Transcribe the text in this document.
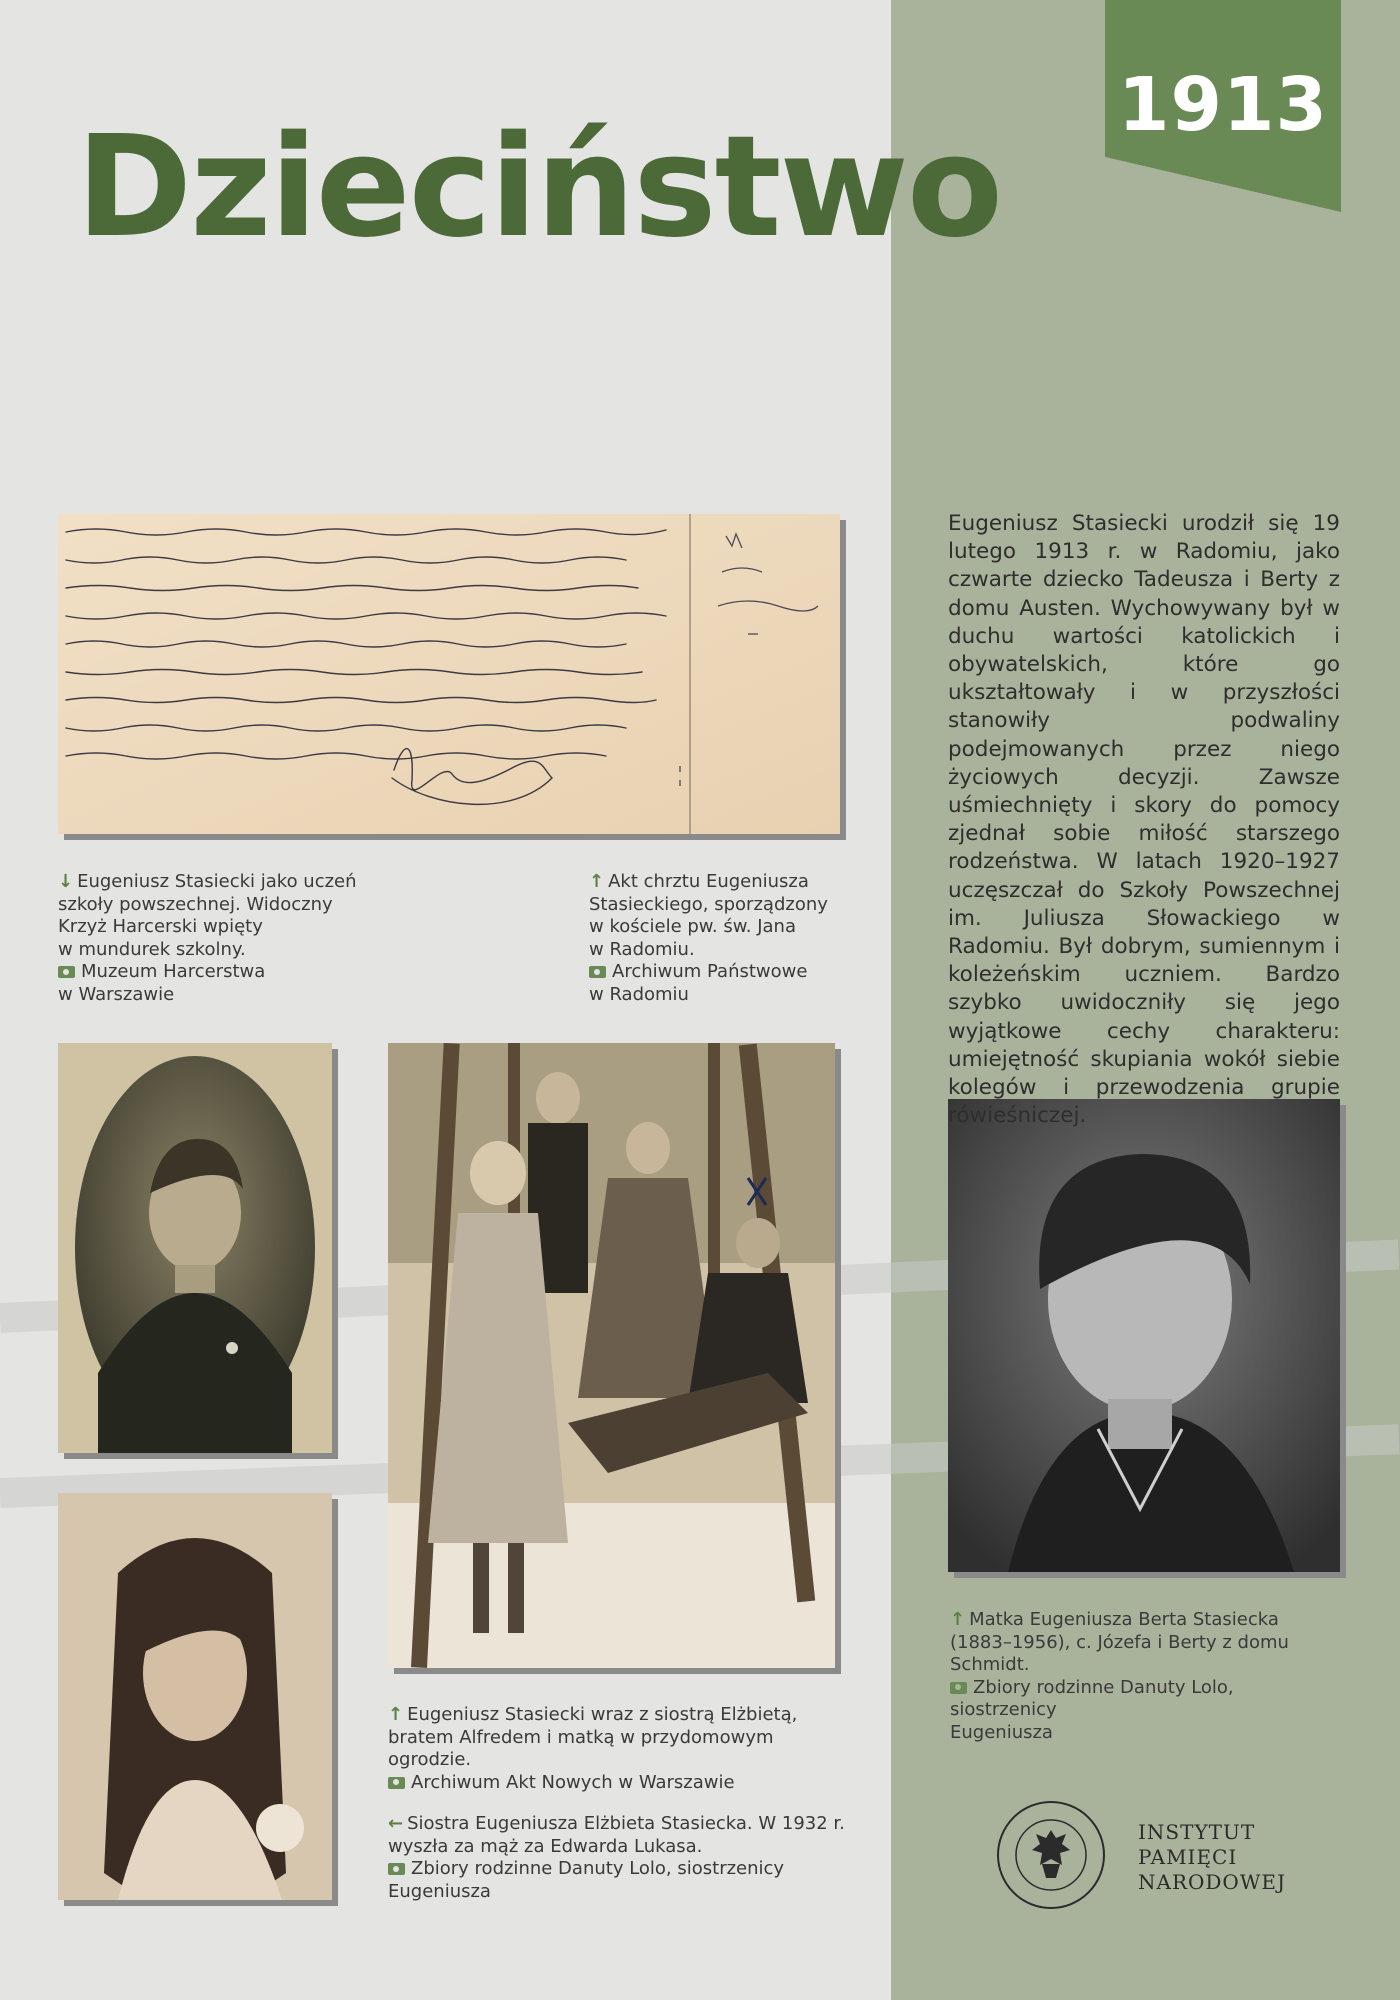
1913
Dzieciństwo

↓ Eugeniusz Stasiecki jako uczeń

szkoły powszechnej. Widoczny

Krzyż Harcerski wpięty

w mundurek szkolny.

Muzeum Harcerstwa

w Warszawie

↑ Akt chrztu Eugeniusza

Stasieckiego, sporządzony

w kościele pw. św. Jana

w Radomiu.

Archiwum Państwowe

w Radomiu

↑ Eugeniusz Stasiecki wraz z siostrą Elżbietą,

bratem Alfredem i matką w przydomowym

ogrodzie.

Archiwum Akt Nowych w Warszawie

← Siostra Eugeniusza Elżbieta Stasiecka. W 1932 r.

wyszła za mąż za Edwarda Lukasa.

Zbiory rodzinne Danuty Lolo, siostrzenicy

Eugeniusza

↑ Matka Eugeniusza Berta Stasiecka

(1883–1956), c. Józefa i Berty z domu

Schmidt.

Zbiory rodzinne Danuty Lolo, siostrzenicy

Eugeniusza

Eugeniusz Stasiecki urodził się 19 lutego 1913 r. w Radomiu, jako czwarte dziecko Tadeusza i Berty z domu Austen. Wychowywany był w duchu wartości katolickich i obywatelskich, które go ukształtowały i w przyszłości stanowiły podwaliny podejmowanych przez niego życiowych decyzji. Zawsze uśmiechnięty i skory do pomocy zjednał sobie miłość starszego rodzeństwa. W latach 1920–1927 uczęszczał do Szkoły Powszechnej im. Juliusza Słowackiego w Radomiu. Był dobrym, sumiennym i koleżeńskim uczniem. Bardzo szybko uwidoczniły się jego wyjątkowe cechy charakteru: umiejętność skupiania wokół siebie kolegów i przewodzenia grupie rówieśniczej.

INSTYTUT
PAMIĘCI
NARODOWEJ
